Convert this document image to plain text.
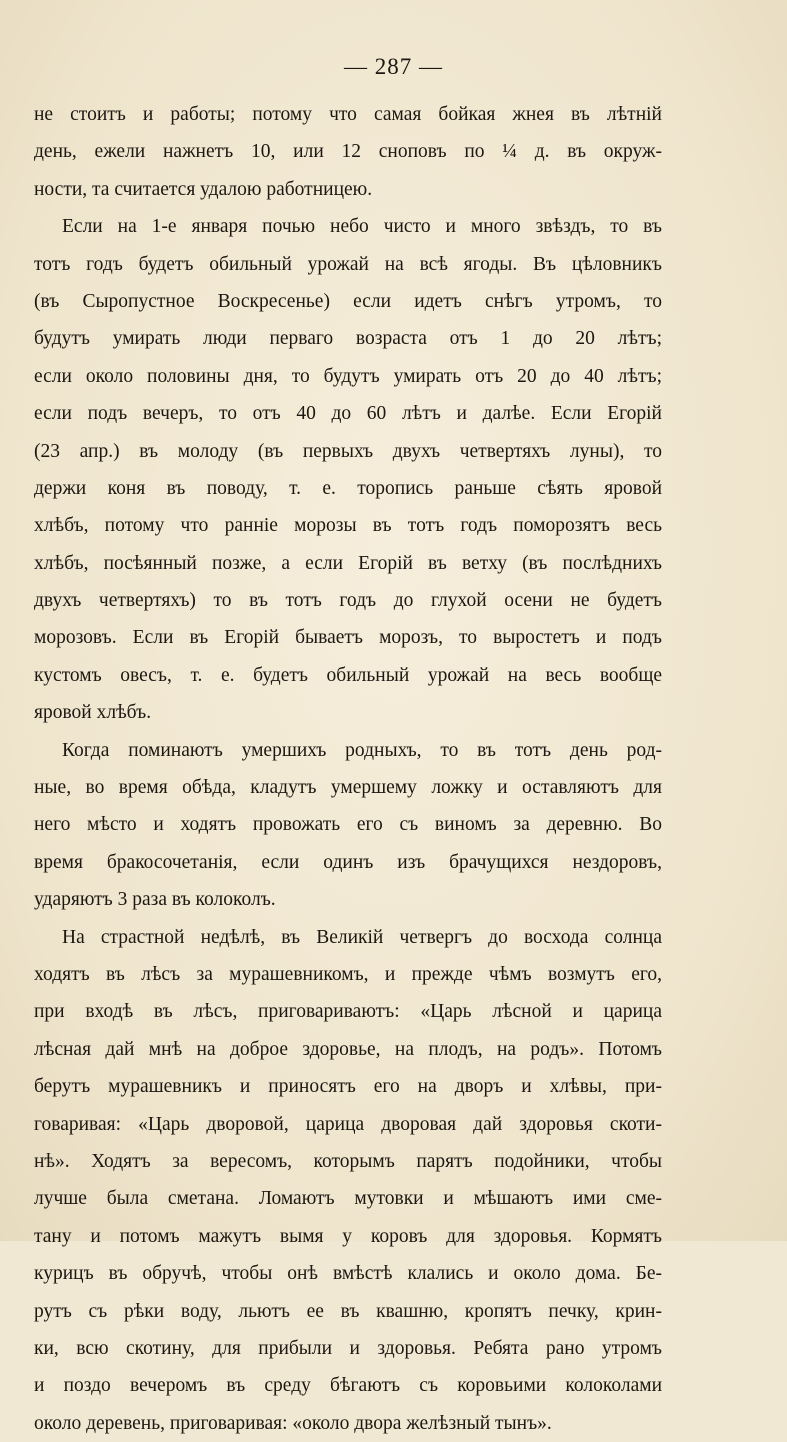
— 287 —
не стоитъ и работы; потому что самая бойкая жнея въ лѣтній
день, ежели нажнетъ 10, или 12 сноповъ по ¼ д. въ окруж-
ности, та считается удалою работницею.
Если на 1-е января почью небо чисто и много звѣздъ, то въ
тотъ годъ будетъ обильный урожай на всѣ ягоды. Въ цѣловникъ
(въ Сыропустное Воскресенье) если идетъ снѣгъ утромъ, то
будутъ умирать люди перваго возраста отъ 1 до 20 лѣтъ;
если около половины дня, то будутъ умирать отъ 20 до 40 лѣтъ;
если подъ вечеръ, то отъ 40 до 60 лѣтъ и далѣе. Если Егорій
(23 апр.) въ молоду (въ первыхъ двухъ четвертяхъ луны), то
держи коня въ поводу, т. е. торопись раньше сѣять яровой
хлѣбъ, потому что раннiе морозы въ тотъ годъ поморозятъ весь
хлѣбъ, посѣянный позже, а если Егорій въ ветху (въ послѣднихъ
двухъ четвертяхъ) то въ тотъ годъ до глухой осени не будетъ
морозовъ. Если въ Егорій бываетъ морозъ, то выростетъ и подъ
кустомъ овесъ, т. е. будетъ обильный урожай на весь вообще
яровой хлѣбъ.
Когда поминаютъ умершихъ родныхъ, то въ тотъ день род-
ные, во время обѣда, кладутъ умершему ложку и оставляютъ для
него мѣсто и ходятъ провожать его съ виномъ за деревню. Во
время бракосочетанія, если одинъ изъ брачущихся нездоровъ,
ударяютъ 3 раза въ колоколъ.
На страстной недѣлѣ, въ Великій четвергъ до восхода солнца
ходятъ въ лѣсъ за мурашевникомъ, и прежде чѣмъ возмутъ его,
при входѣ въ лѣсъ, приговариваютъ: «Царь лѣсной и царица
лѣсная дай мнѣ на доброе здоровье, на плодъ, на родъ». Потомъ
берутъ мурашевникъ и приносятъ его на дворъ и хлѣвы, при-
говаривая: «Царь дворовой, царица дворовая дай здоровья скоти-
нѣ». Ходятъ за вересомъ, которымъ парятъ подойники, чтобы
лучше была сметана. Ломаютъ мутовки и мѣшаютъ ими сме-
тану и потомъ мажутъ вымя у коровъ для здоровья. Кормятъ
курицъ въ обручѣ, чтобы онѣ вмѣстѣ клались и около дома. Бе-
рутъ съ рѣки воду, льютъ ее въ квашню, кропятъ печку, крин-
ки, всю скотину, для прибыли и здоровья. Ребята рано утромъ
и поздо вечеромъ въ среду бѣгаютъ съ коровьими колоколами
около деревень, приговаривая: «около двора желѣзный тынъ».
